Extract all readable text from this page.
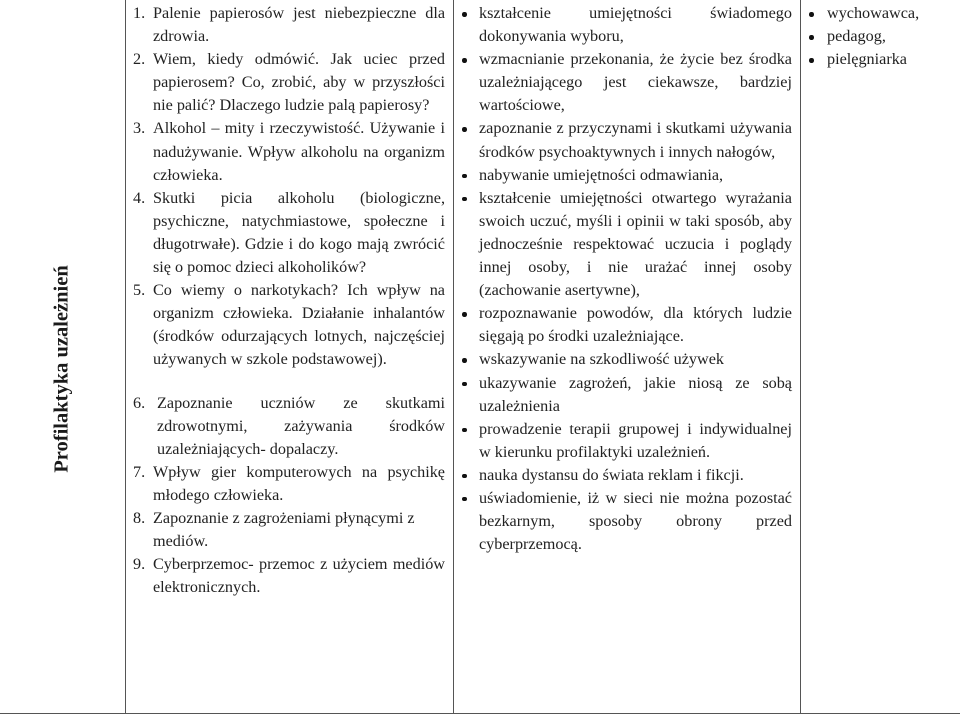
Profilaktyka uzależnień

1. Palenie papierosów jest niebezpieczne dla zdrowia.
2. Wiem, kiedy odmówić. Jak uciec przed papierosem? Co, zrobić, aby w przyszłości nie palić? Dlaczego ludzie palą papierosy?
3. Alkohol – mity i rzeczywistość. Używanie i nadużywanie. Wpływ alkoholu na organizm człowieka.
4. Skutki picia alkoholu (biologiczne, psychiczne, natychmiastowe, społeczne i długotrwałe). Gdzie i do kogo mają zwrócić się o pomoc dzieci alkoholików?
5. Co wiemy o narkotykach? Ich wpływ na organizm człowieka. Działanie inhalantów (środków odurzających lotnych, najczęściej używanych w szkole podstawowej).
6. Zapoznanie uczniów ze skutkami zdrowotnymi, zażywania środków uzależniających- dopalaczy.
7. Wpływ gier komputerowych na psychikę młodego człowieka.
8. Zapoznanie z zagrożeniami płynącymi z mediów.
9. Cyberprzemoc- przemoc z użyciem mediów elektronicznych.

kształcenie umiejętności świadomego dokonywania wyboru,
wzmacnianie przekonania, że życie bez środka uzależniającego jest ciekawsze, bardziej wartościowe,
zapoznanie z przyczynami i skutkami używania środków psychoaktywnych i innych nałogów,
nabywanie umiejętności odmawiania,
kształcenie umiejętności otwartego wyrażania swoich uczuć, myśli i opinii w taki sposób, aby jednocześnie respektować uczucia i poglądy innej osoby, i nie urażać innej osoby (zachowanie asertywne),
rozpoznawanie powodów, dla których ludzie sięgają po środki uzależniające.
wskazywanie na szkodliwość używek
ukazywanie zagrożeń, jakie niosą ze sobą uzależnienia
prowadzenie terapii grupowej i indywidualnej w kierunku profilaktyki uzależnień.
nauka dystansu do świata reklam i fikcji.
uświadomienie, iż w sieci nie można pozostać bezkarnym, sposoby obrony przed cyberprzemocą.

wychowawca,
pedagog,
pielęgniarka
